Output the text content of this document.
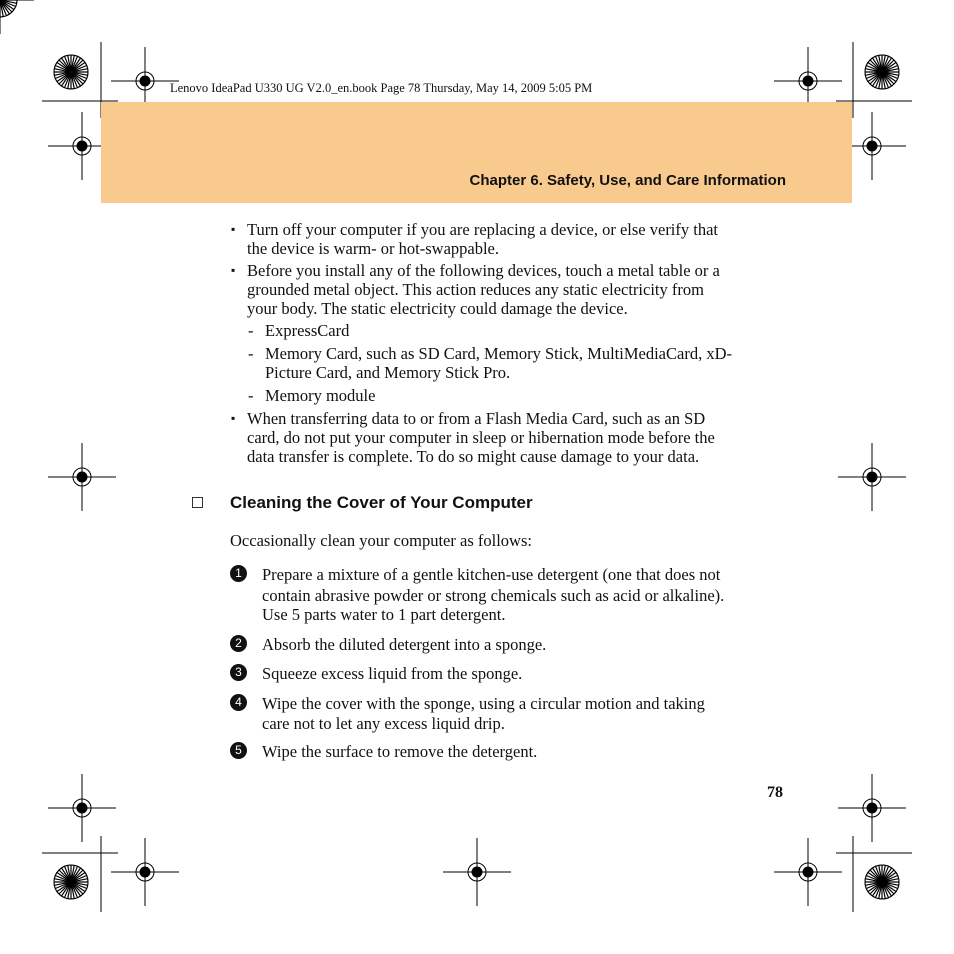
Lenovo IdeaPad U330 UG V2.0_en.book Page 78 Thursday, May 14, 2009 5:05 PM
Chapter 6. Safety, Use, and Care Information
▪ Turn off your computer if you are replacing a device, or else verify that
the device is warm- or hot-swappable.
▪ Before you install any of the following devices, touch a metal table or a
grounded metal object. This action reduces any static electricity from
your body. The static electricity could damage the device.
- ExpressCard
- Memory Card, such as SD Card, Memory Stick, MultiMediaCard, xD-
Picture Card, and Memory Stick Pro.
- Memory module
▪ When transferring data to or from a Flash Media Card, such as an SD
card, do not put your computer in sleep or hibernation mode before the
data transfer is complete. To do so might cause damage to your data.
Cleaning the Cover of Your Computer
Occasionally clean your computer as follows:
1	Prepare a mixture of a gentle kitchen-use detergent (one that does not
contain abrasive powder or strong chemicals such as acid or alkaline).
Use 5 parts water to 1 part detergent.
2	Absorb the diluted detergent into a sponge.
3	Squeeze excess liquid from the sponge.
4	Wipe the cover with the sponge, using a circular motion and taking
care not to let any excess liquid drip.
5	Wipe the surface to remove the detergent.
78
